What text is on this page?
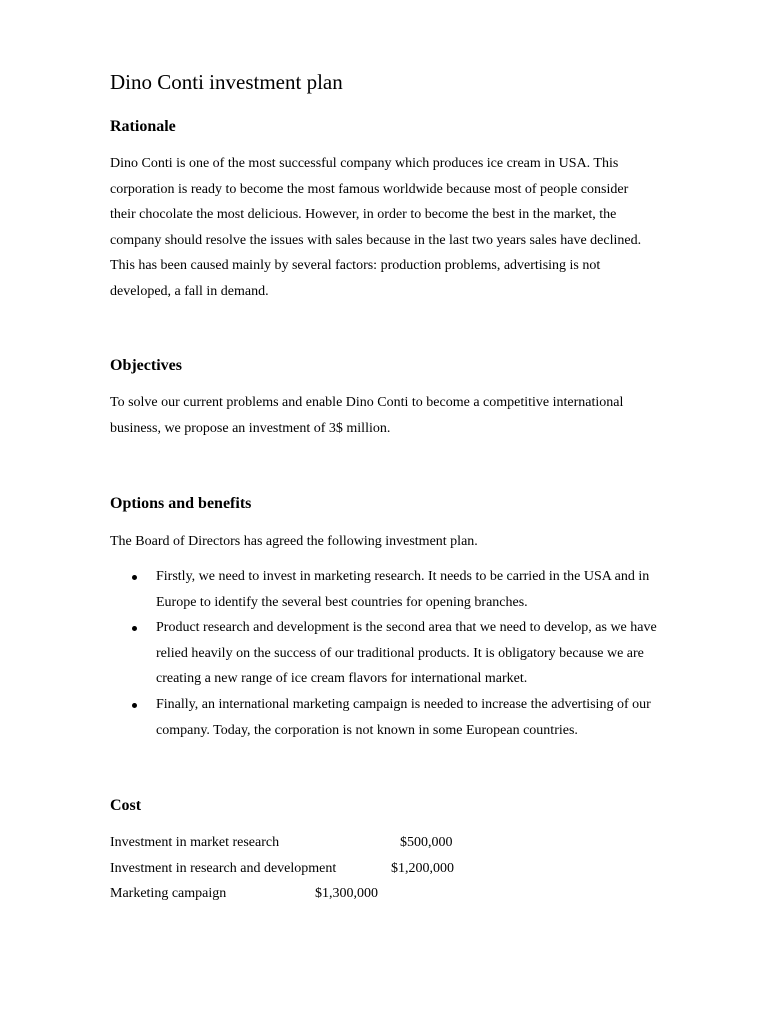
Dino Conti investment plan
Rationale
Dino Conti is one of the most successful company which produces ice cream in USA. This
corporation is ready to become the most famous worldwide because most of people consider
their chocolate the most delicious. However, in order to become the best in the market, the
company should resolve the issues with sales because in the last two years sales have declined.
This has been caused mainly by several factors: production problems, advertising is not
developed, a fall in demand.
Objectives
To solve our current problems and enable Dino Conti to become a competitive international
business, we propose an investment of 3$ million.
Options and benefits
The Board of Directors has agreed the following investment plan.
Firstly, we need to invest in marketing research. It needs to be carried in the USA and in
Europe to identify the several best countries for opening branches.
Product research and development is the second area that we need to develop, as we have
relied heavily on the success of our traditional products. It is obligatory because we are
creating a new range of ice cream flavors for international market.
Finally, an international marketing campaign is needed to increase the advertising of our
company. Today, the corporation is not known in some European countries.
Cost
Investment in market research	$500,000
Investment in research and development	$1,200,000
Marketing campaign	$1,300,000
